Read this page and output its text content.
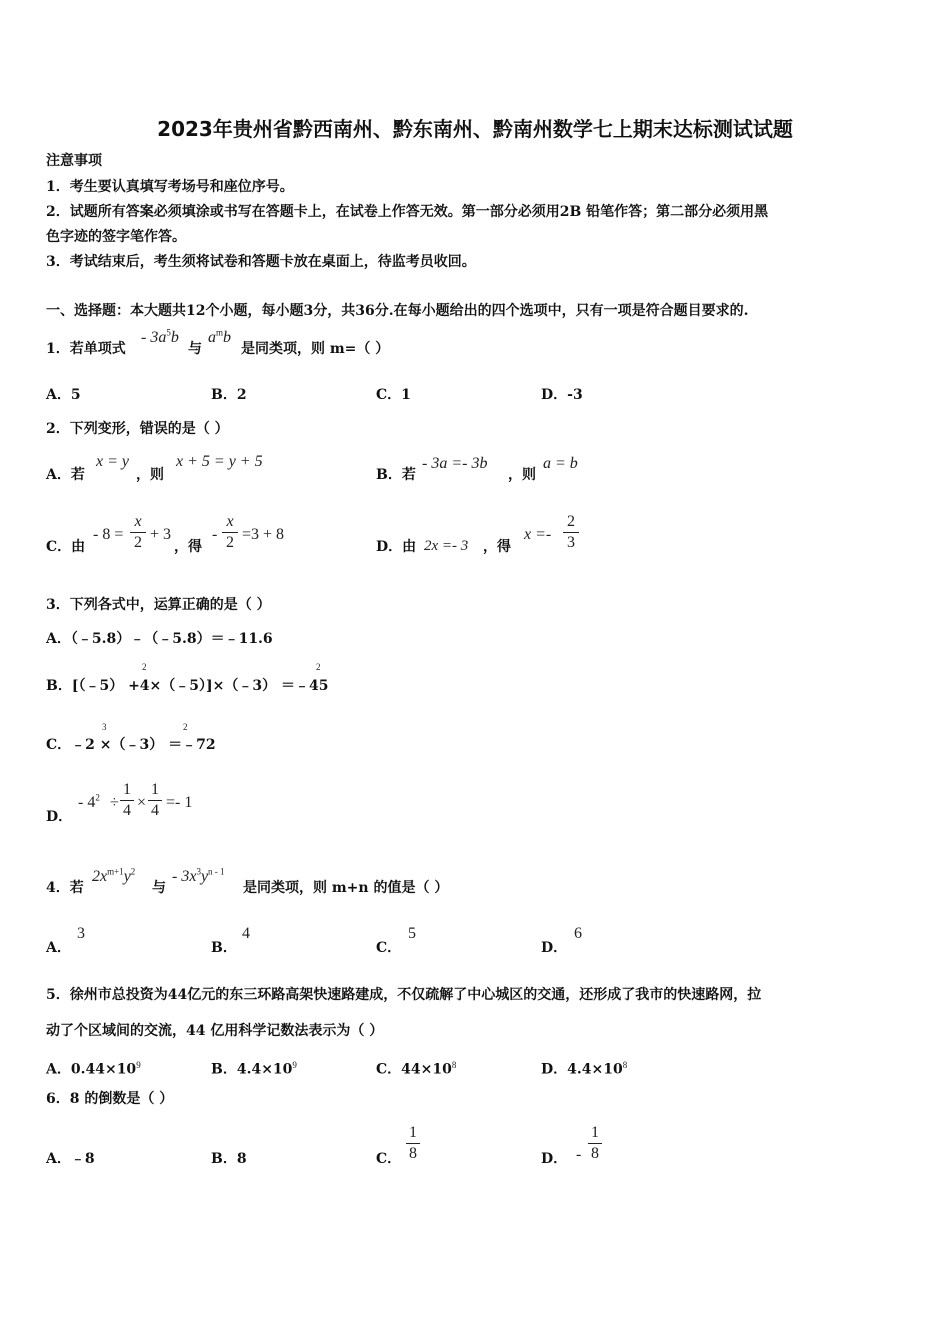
2023年贵州省黔西南州、黔东南州、黔南州数学七上期末达标测试试题
注意事项
1．考生要认真填写考场号和座位序号。
2．试题所有答案必须填涂或书写在答题卡上，在试卷上作答无效。第一部分必须用2B 铅笔作答；第二部分必须用黑
色字迹的签字笔作答。
3．考试结束后，考生须将试卷和答题卡放在桌面上，待监考员收回。
一、选择题：本大题共12个小题，每小题3分，共36分.在每小题给出的四个选项中，只有一项是符合题目要求的.
1．若单项式
- $3a^5b$
与
$a^mb$
是同类项，则 m=（ ）
A．5	B．2	C．1	D．-3
2．下列变形，错误的是（ ）
A．若
x = y
，则
x + 5 = y + 5
B．若
- 3a =- 3b
，则
a = b
C．由
- 8 =
x
2 + 3
，得
-
x
2 =3 + 8
D．由 2x =- 3 ，得
x =-
2
3
3．下列各式中，运算正确的是（ ）
A．（﹣5.8）﹣（﹣5.8）＝﹣11.6
B．[（﹣5） +4×（﹣5）]×（﹣3） ＝﹣45
2	2
C．﹣2 ×（﹣3） ＝﹣72
3	2
D．
- $4^2$ ÷
1
4 ×
1
4 =- 1
4．若
$2x^{m+1}y^2$
与
- $3x^3y^{n - 1}$
是同类项，则 m+n 的值是（ ）
A．
3
B．
4
C．
5
D．
6
5．徐州市总投资为44亿元的东三环路高架快速路建成，不仅疏解了中心城区的交通，还形成了我市的快速路网，拉
动了个区域间的交流，44 亿用科学记数法表示为（ ）
A．$0.44\times 10^9$	B．$4.4\times 10^9$	C．$44\times 10^8$	D．$4.4\times 10^8$
6．8 的倒数是（ ）
A．﹣8	B．8	C．
1
8	D． -
1
8
